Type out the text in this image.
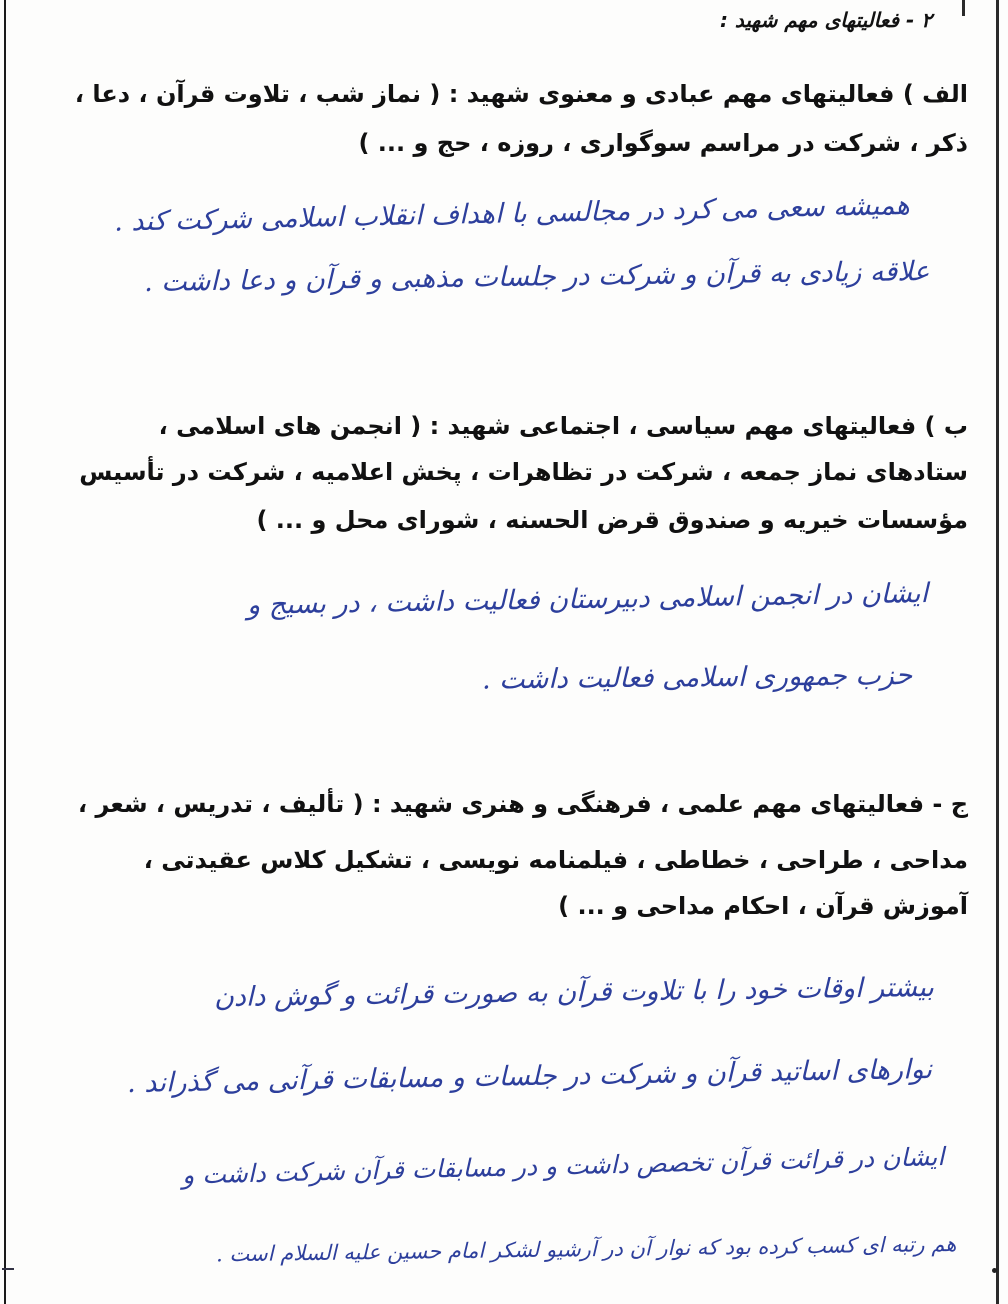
۲ - فعالیتهای مهم شهید :
الف ) فعالیتهای مهم عبادی و معنوی شهید : ( نماز شب ، تلاوت قرآن ، دعا ،
ذکر ، شرکت در مراسم سوگواری ، روزه ، حج و ... )
همیشه سعی می کرد در مجالسی با اهداف انقلاب اسلامی شرکت کند .
علاقه زیادی به قرآن و شرکت در جلسات مذهبی و قرآن و دعا داشت .
ب ) فعالیتهای مهم سیاسی ، اجتماعی شهید : ( انجمن های اسلامی ،
ستادهای نماز جمعه ، شرکت در تظاهرات ، پخش اعلامیه ، شرکت در تأسیس
مؤسسات خیریه و صندوق قرض الحسنه ، شورای محل و ... )
ایشان در انجمن اسلامی دبیرستان فعالیت داشت ، در بسیج و
حزب جمهوری اسلامی فعالیت داشت .
ج - فعالیتهای مهم علمی ، فرهنگی و هنری شهید : ( تألیف ، تدریس ، شعر ،
مداحی ، طراحی ، خطاطی ، فیلمنامه نویسی ، تشکیل کلاس عقیدتی ،
آموزش قرآن ، احکام مداحی و ... )
بیشتر اوقات خود را با تلاوت قرآن به صورت قرائت و گوش دادن
نوارهای اساتید قرآن و شرکت در جلسات و مسابقات قرآنی می گذراند .
ایشان در قرائت قرآن تخصص داشت و در مسابقات قرآن شرکت داشت و
هم رتبه ای کسب کرده بود که نوار آن در آرشیو لشکر امام حسین علیه السلام است .
